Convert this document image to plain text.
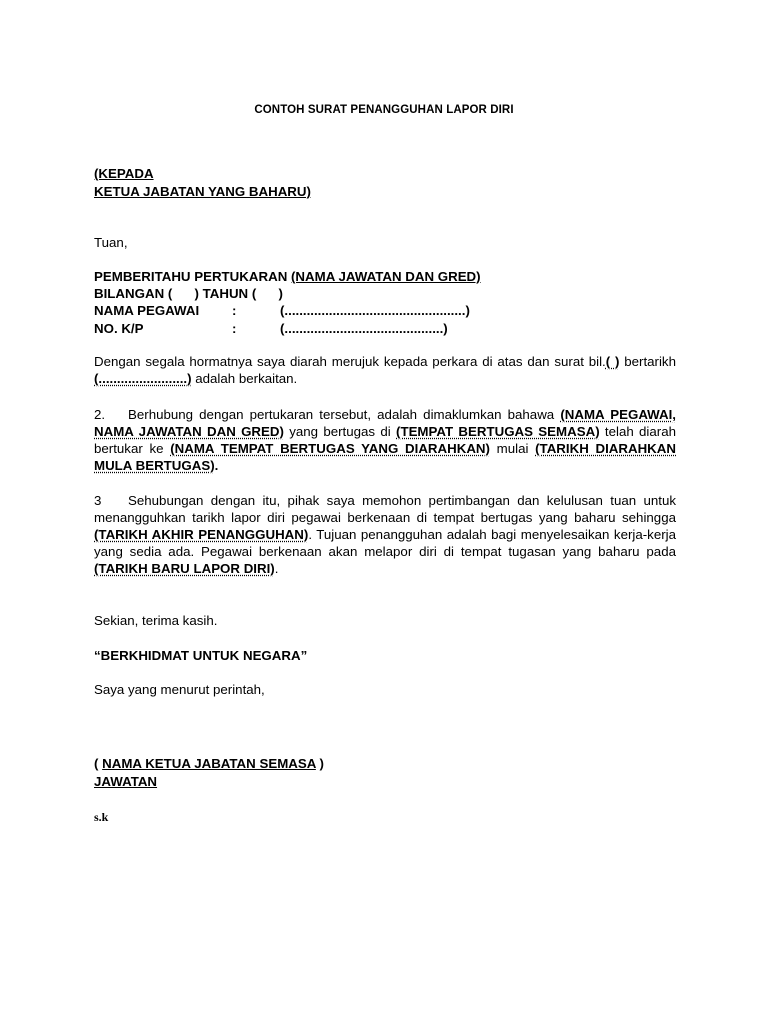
CONTOH SURAT PENANGGUHAN LAPOR DIRI
(KEPADA
KETUA JABATAN YANG BAHARU)
Tuan,
PEMBERITAHU PERTUKARAN (NAMA JAWATAN DAN GRED)
BILANGAN ( ) TAHUN ( )
NAMA PEGAWAI :	(.................................................)
NO. K/P	:	(...........................................)
Dengan segala hormatnya saya diarah merujuk kepada perkara di atas dan surat bil.( ) bertarikh (........................) adalah berkaitan.
2. Berhubung dengan pertukaran tersebut, adalah dimaklumkan bahawa (NAMA PEGAWAI, NAMA JAWATAN DAN GRED) yang bertugas di (TEMPAT BERTUGAS SEMASA) telah diarah bertukar ke (NAMA TEMPAT BERTUGAS YANG DIARAHKAN) mulai (TARIKH DIARAHKAN MULA BERTUGAS).
3 Sehubungan dengan itu, pihak saya memohon pertimbangan dan kelulusan tuan untuk menangguhkan tarikh lapor diri pegawai berkenaan di tempat bertugas yang baharu sehingga (TARIKH AKHIR PENANGGUHAN). Tujuan penangguhan adalah bagi menyelesaikan kerja-kerja yang sedia ada. Pegawai berkenaan akan melapor diri di tempat tugasan yang baharu pada (TARIKH BARU LAPOR DIRI).
Sekian, terima kasih.
“BERKHIDMAT UNTUK NEGARA”
Saya yang menurut perintah,
( NAMA KETUA JABATAN SEMASA )
JAWATAN
s.k
